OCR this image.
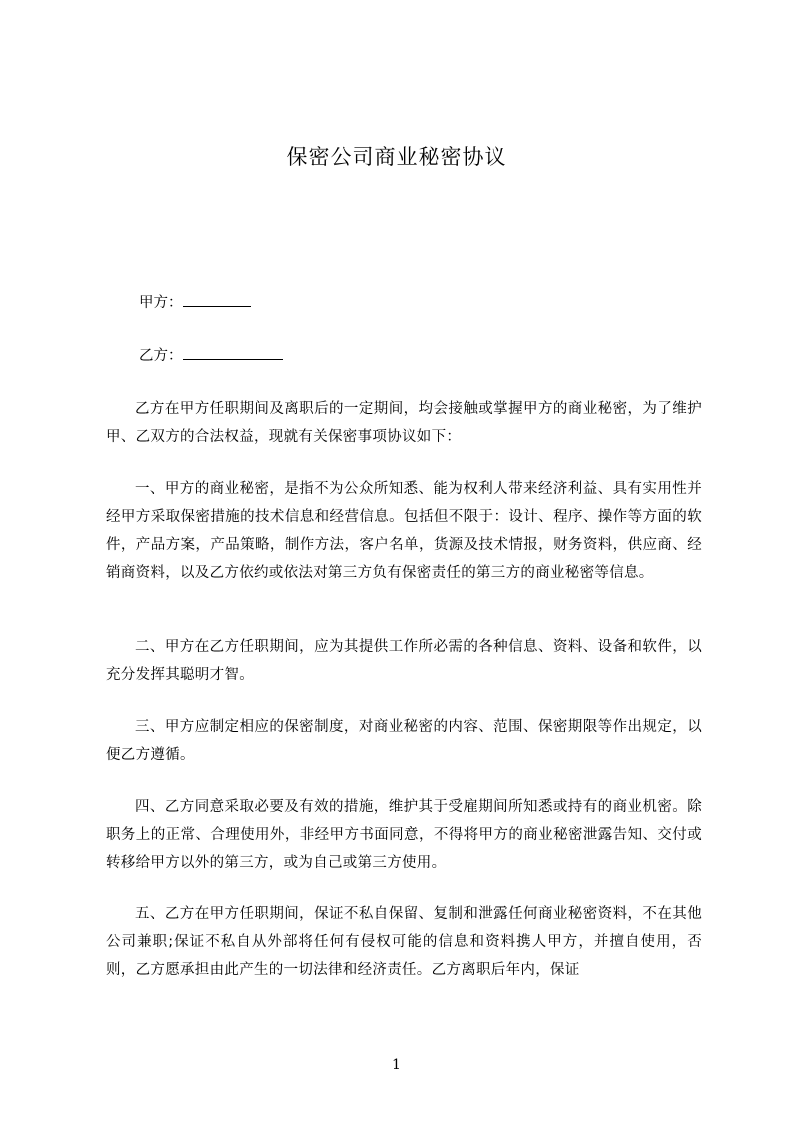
保密公司商业秘密协议
甲方：
乙方：

乙方在甲方任职期间及离职后的一定期间，均会接触或掌握甲方的商业秘密，为了维护甲、乙双方的合法权益，现就有关保密事项协议如下：

一、甲方的商业秘密，是指不为公众所知悉、能为权利人带来经济利益、具有实用性并经甲方采取保密措施的技术信息和经营信息。包括但不限于：设计、程序、操作等方面的软件，产品方案，产品策略，制作方法，客户名单，货源及技术情报，财务资料，供应商、经销商资料，以及乙方依约或依法对第三方负有保密责任的第三方的商业秘密等信息。

二、甲方在乙方任职期间，应为其提供工作所必需的各种信息、资料、设备和软件，以充分发挥其聪明才智。

三、甲方应制定相应的保密制度，对商业秘密的内容、范围、保密期限等作出规定，以便乙方遵循。

四、乙方同意采取必要及有效的措施，维护其于受雇期间所知悉或持有的商业机密。除职务上的正常、合理使用外，非经甲方书面同意，不得将甲方的商业秘密泄露告知、交付或转移给甲方以外的第三方，或为自己或第三方使用。

五、乙方在甲方任职期间，保证不私自保留、复制和泄露任何商业秘密资料，不在其他公司兼职;保证不私自从外部将任何有侵权可能的信息和资料携人甲方，并擅自使用，否则，乙方愿承担由此产生的一切法律和经济责任。乙方离职后年内，保证

1
